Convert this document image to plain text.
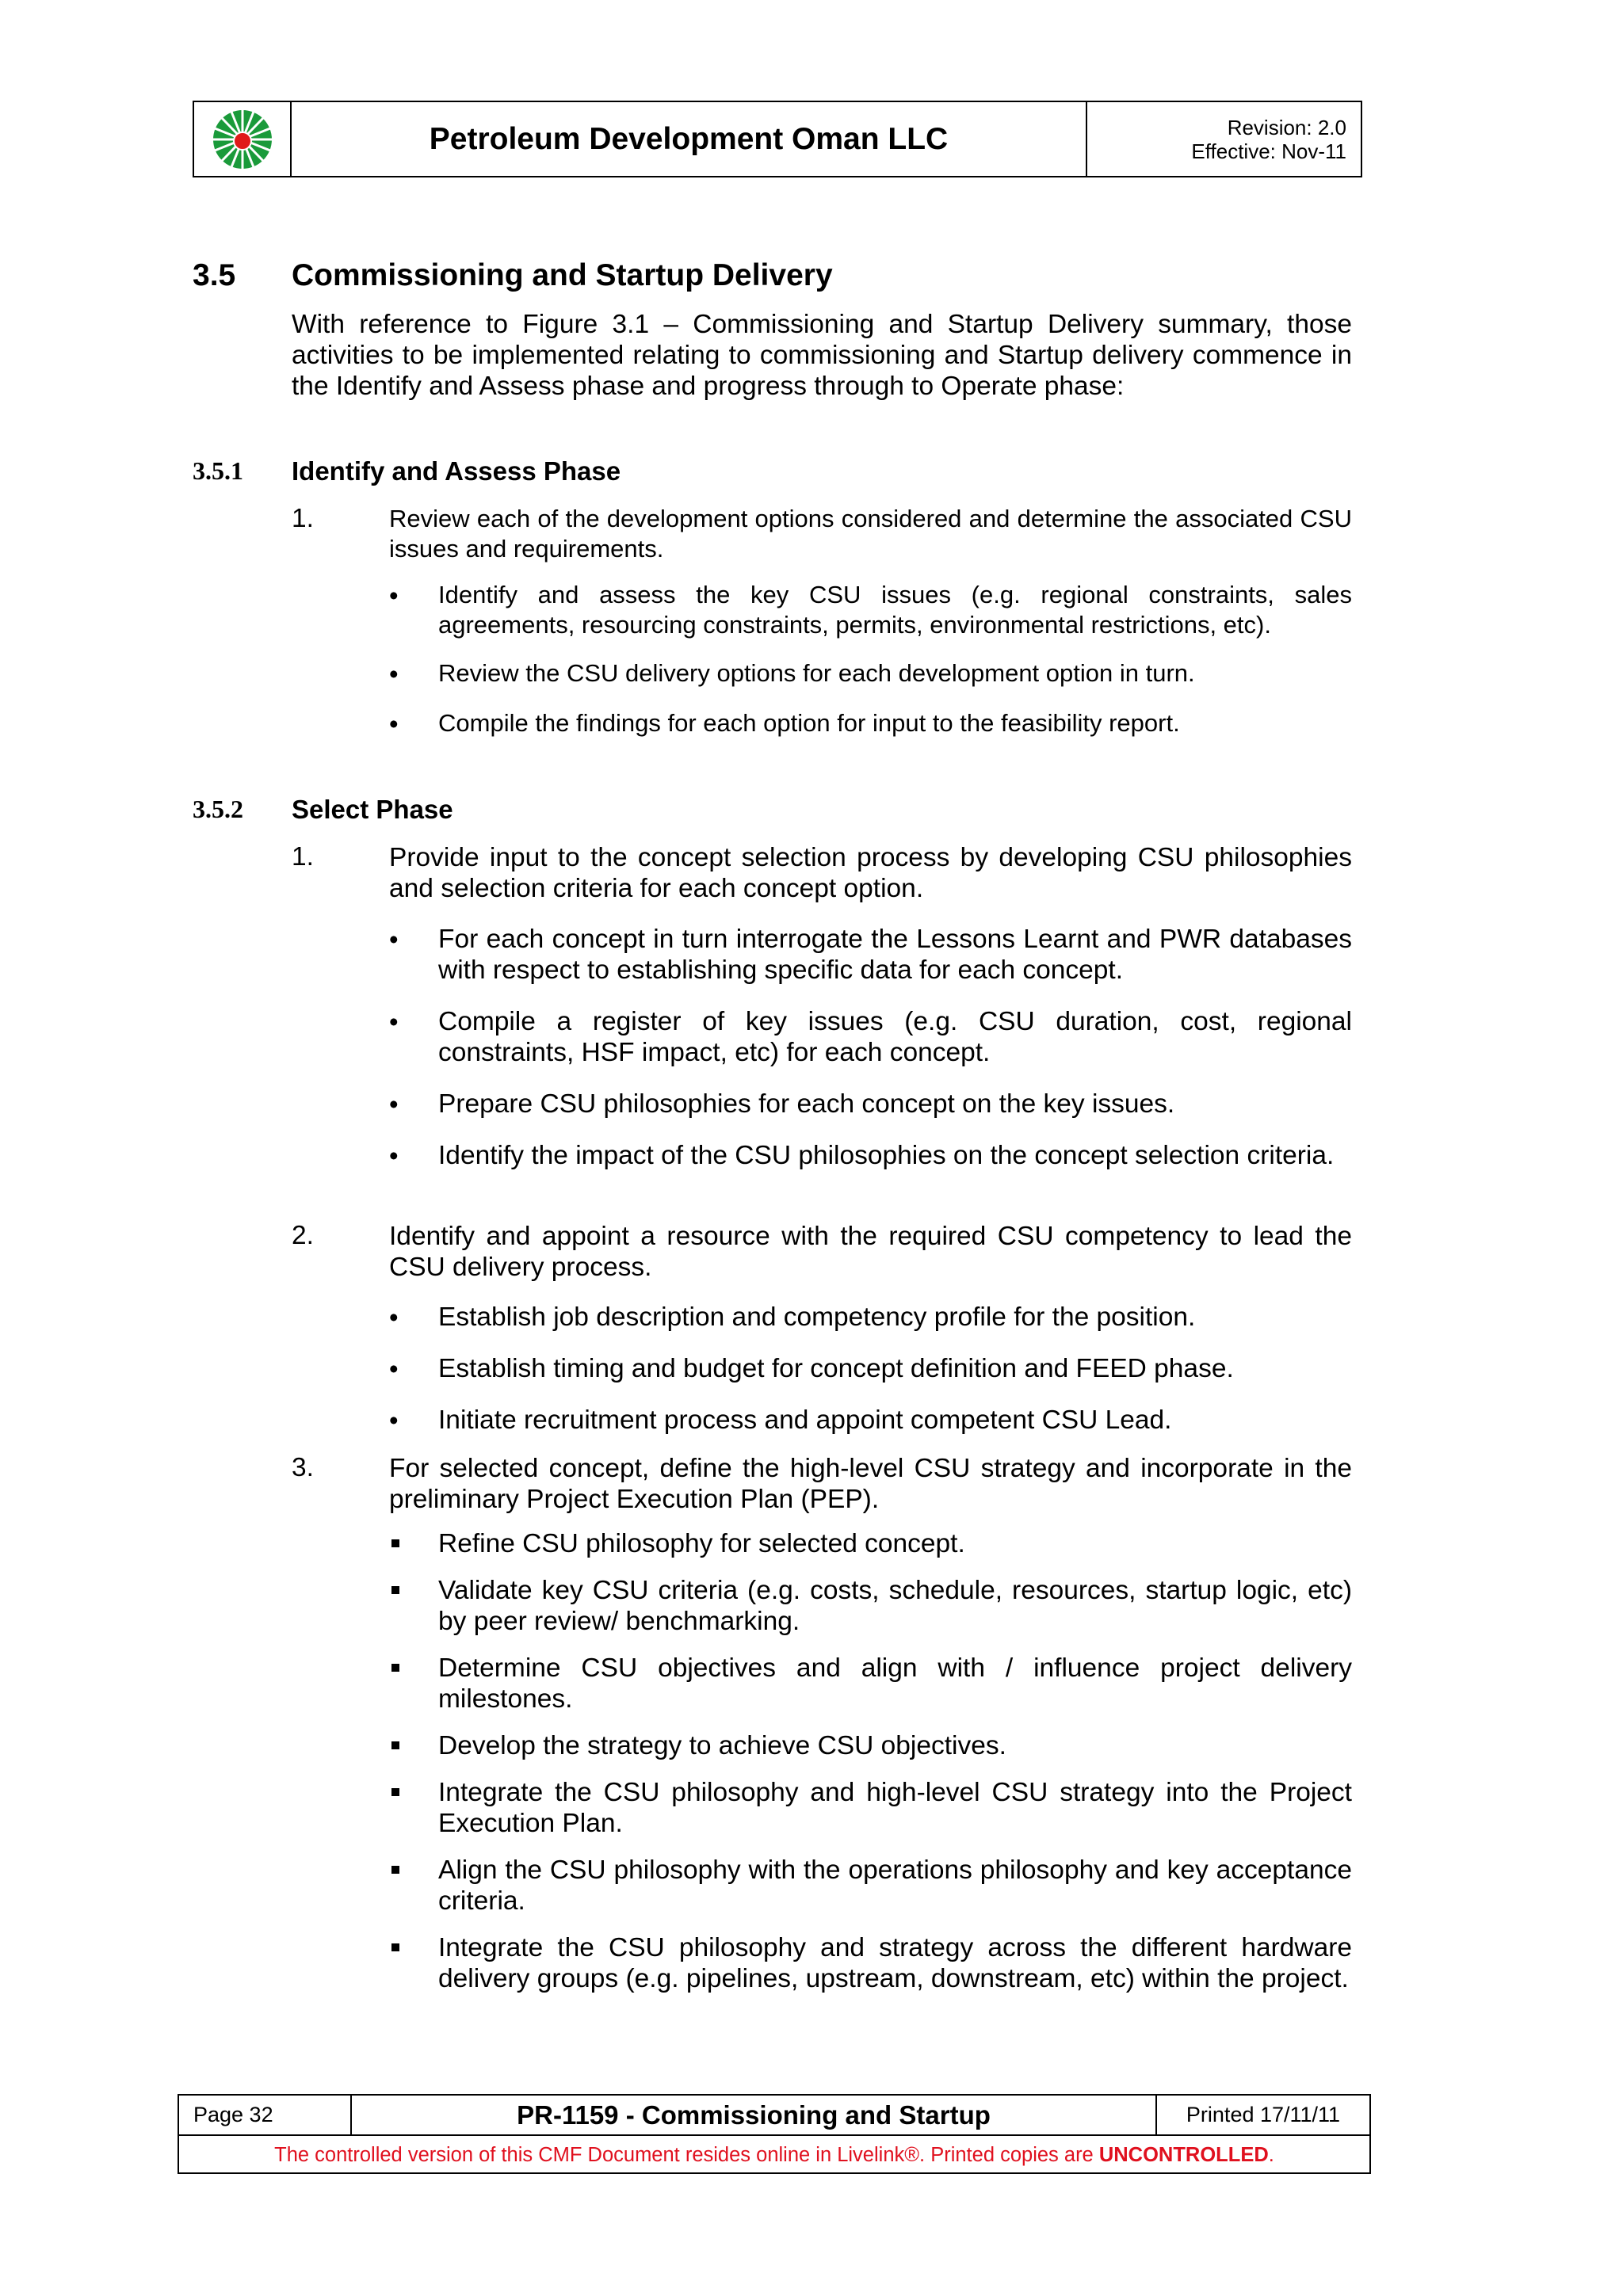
Petroleum Development Oman LLC	Revision: 2.0
Effective: Nov-11
3.5 Commissioning and Startup Delivery
With reference to Figure 3.1 – Commissioning and Startup Delivery summary, those activities to be implemented relating to commissioning and Startup delivery commence in the Identify and Assess phase and progress through to Operate phase:
3.5.1 Identify and Assess Phase
1.	Review each of the development options considered and determine the associated CSU issues and requirements.
• Identify and assess the key CSU issues (e.g. regional constraints, sales agreements, resourcing constraints, permits, environmental restrictions, etc).
• Review the CSU delivery options for each development option in turn.
• Compile the findings for each option for input to the feasibility report.
3.5.2 Select Phase
1.	Provide input to the concept selection process by developing CSU philosophies and selection criteria for each concept option.
• For each concept in turn interrogate the Lessons Learnt and PWR databases with respect to establishing specific data for each concept.
• Compile a register of key issues (e.g. CSU duration, cost, regional constraints, HSF impact, etc) for each concept.
• Prepare CSU philosophies for each concept on the key issues.
• Identify the impact of the CSU philosophies on the concept selection criteria.
2.	Identify and appoint a resource with the required CSU competency to lead the CSU delivery process.
• Establish job description and competency profile for the position.
• Establish timing and budget for concept definition and FEED phase.
• Initiate recruitment process and appoint competent CSU Lead.
3.	For selected concept, define the high-level CSU strategy and incorporate in the preliminary Project Execution Plan (PEP).
Refine CSU philosophy for selected concept.
Validate key CSU criteria (e.g. costs, schedule, resources, startup logic, etc) by peer review/ benchmarking.
Determine CSU objectives and align with / influence project delivery milestones.
Develop the strategy to achieve CSU objectives.
Integrate the CSU philosophy and high-level CSU strategy into the Project Execution Plan.
Align the CSU philosophy with the operations philosophy and key acceptance criteria.
Integrate the CSU philosophy and strategy across the different hardware delivery groups (e.g. pipelines, upstream, downstream, etc) within the project.
Page 32	PR-1159 - Commissioning and Startup	Printed 17/11/11
The controlled version of this CMF Document resides online in Livelink®. Printed copies are
UNCONTROLLED .
